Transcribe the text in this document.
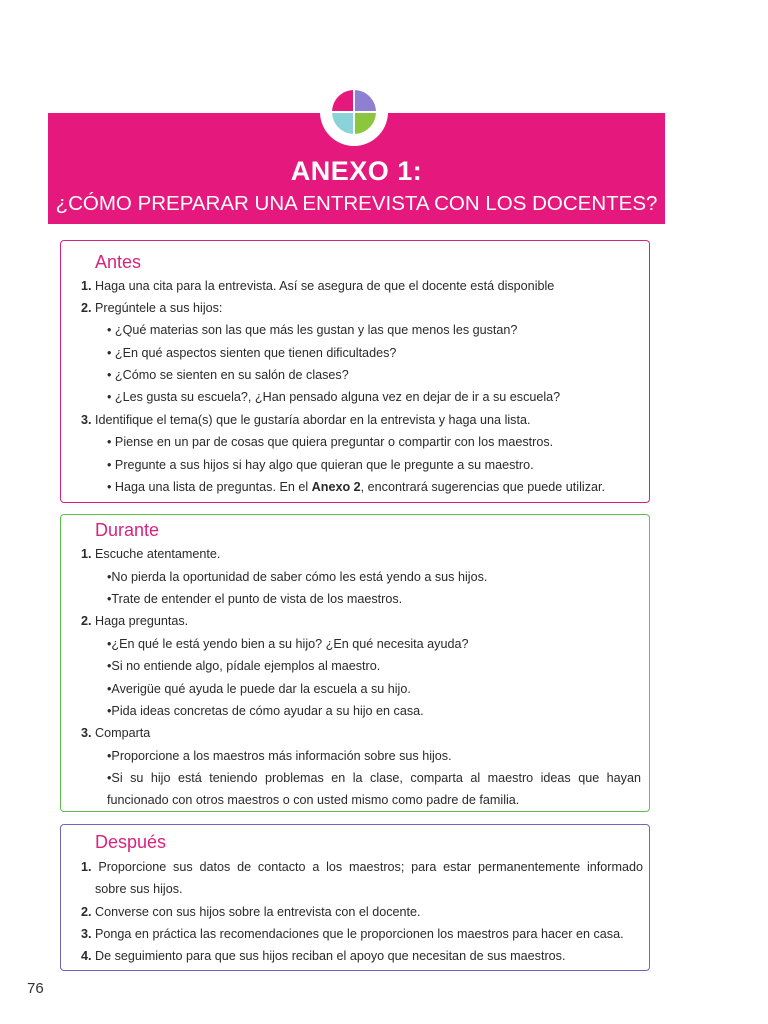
ANEXO 1:
¿CÓMO PREPARAR UNA ENTREVISTA CON LOS DOCENTES?
Antes
1. Haga una cita para la entrevista. Así se asegura de que el docente está disponible
2. Pregúntele a sus hijos:
• ¿Qué materias son las que más les gustan y las que menos les gustan?
• ¿En qué aspectos sienten que tienen dificultades?
• ¿Cómo se sienten en su salón de clases?
• ¿Les gusta su escuela?, ¿Han pensado alguna vez en dejar de ir a su escuela?
3. Identifique el tema(s) que le gustaría abordar en la entrevista y haga una lista.
• Piense en un par de cosas que quiera preguntar o compartir con los maestros.
• Pregunte a sus hijos si hay algo que quieran que le pregunte a su maestro.
• Haga una lista de preguntas. En el Anexo 2, encontrará sugerencias que puede utilizar.
Durante
1. Escuche atentamente.
•No pierda la oportunidad de saber cómo les está yendo a sus hijos.
•Trate de entender el punto de vista de los maestros.
2. Haga preguntas.
•¿En qué le está yendo bien a su hijo? ¿En qué necesita ayuda?
•Si no entiende algo, pídale ejemplos al maestro.
•Averigüe qué ayuda le puede dar la escuela a su hijo.
•Pida ideas concretas de cómo ayudar a su hijo en casa.
3. Comparta
•Proporcione a los maestros más información sobre sus hijos.
•Si su hijo está teniendo problemas en la clase, comparta al maestro ideas que hayan
funcionado con otros maestros o con usted mismo como padre de familia.
Después
1. Proporcione sus datos de contacto a los maestros; para estar permanentemente informado
sobre sus hijos.
2. Converse con sus hijos sobre la entrevista con el docente.
3. Ponga en práctica las recomendaciones que le proporcionen los maestros para hacer en casa.
4. De seguimiento para que sus hijos reciban el apoyo que necesitan de sus maestros.
76
